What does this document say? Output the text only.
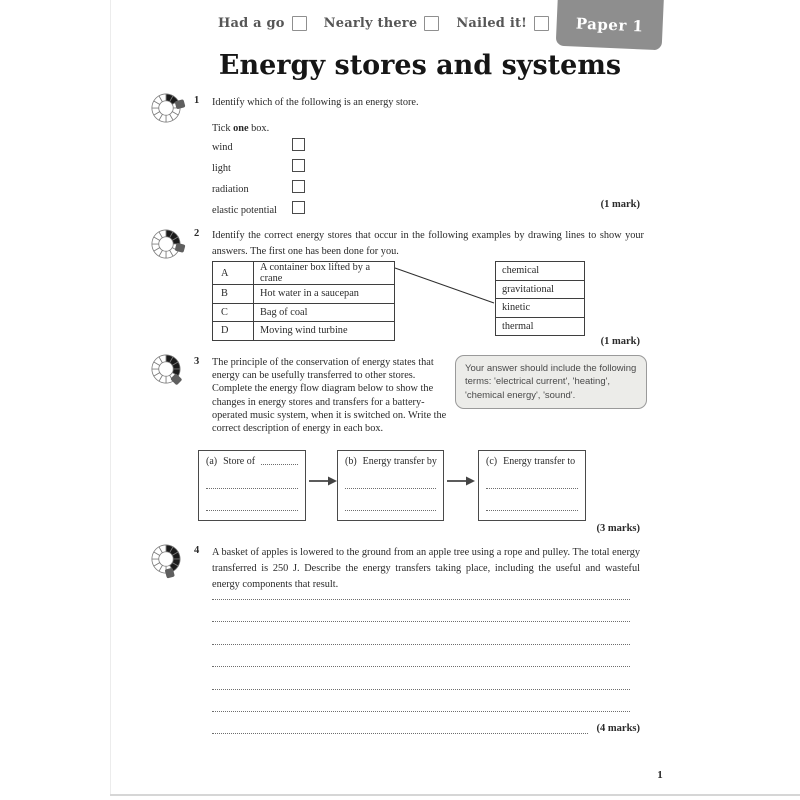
Had a go	Nearly there	Nailed it!	Paper 1
Energy stores and systems
1 Identify which of the following is an energy store.
Tick one box.
wind
light
radiation
elastic potential
(1 mark)
2 Identify the correct energy stores that occur in the following examples by drawing lines to show your answers. The first one has been done for you.
A	A container box lifted by a crane
B	Hot water in a saucepan
C	Bag of coal
D	Moving wind turbine
chemical
gravitational
kinetic
thermal
(1 mark)
3 The principle of the conservation of energy states that energy can be usefully transferred to other stores. Complete the energy flow diagram below to show the changes in energy stores and transfers for a battery-operated music system, when it is switched on. Write the correct description of energy in each box.
Your answer should include the following terms: 'electrical current', 'heating', 'chemical energy', 'sound'.
(a) Store of	(b) Energy transfer by	(c) Energy transfer to
(3 marks)
4 A basket of apples is lowered to the ground from an apple tree using a rope and pulley. The total energy transferred is 250 J. Describe the energy transfers taking place, including the useful and wasteful energy components that result.
(4 marks)
1
